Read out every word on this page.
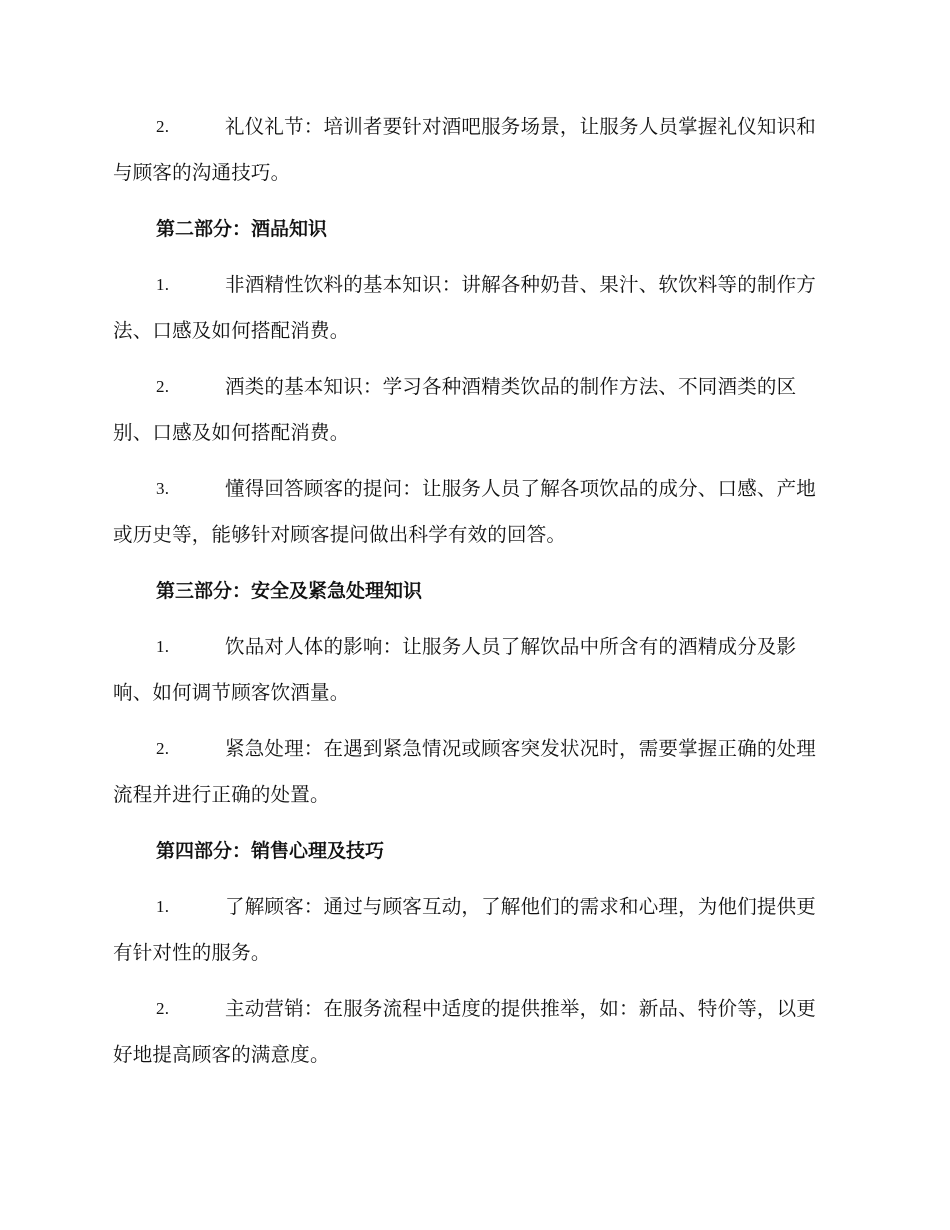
2.	礼仪礼节：培训者要针对酒吧服务场景，让服务人员掌握礼仪知识和与顾客的沟通技巧。
第二部分：酒品知识
1.	非酒精性饮料的基本知识：讲解各种奶昔、果汁、软饮料等的制作方法、口感及如何搭配消费。
2.	酒类的基本知识：学习各种酒精类饮品的制作方法、不同酒类的区别、口感及如何搭配消费。
3.	懂得回答顾客的提问：让服务人员了解各项饮品的成分、口感、产地或历史等，能够针对顾客提问做出科学有效的回答。
第三部分：安全及紧急处理知识
1.	饮品对人体的影响：让服务人员了解饮品中所含有的酒精成分及影响、如何调节顾客饮酒量。
2.	紧急处理：在遇到紧急情况或顾客突发状况时，需要掌握正确的处理流程并进行正确的处置。
第四部分：销售心理及技巧
1.	了解顾客：通过与顾客互动，了解他们的需求和心理，为他们提供更有针对性的服务。
2.	主动营销：在服务流程中适度的提供推举，如：新品、特价等，以更好地提高顾客的满意度。
